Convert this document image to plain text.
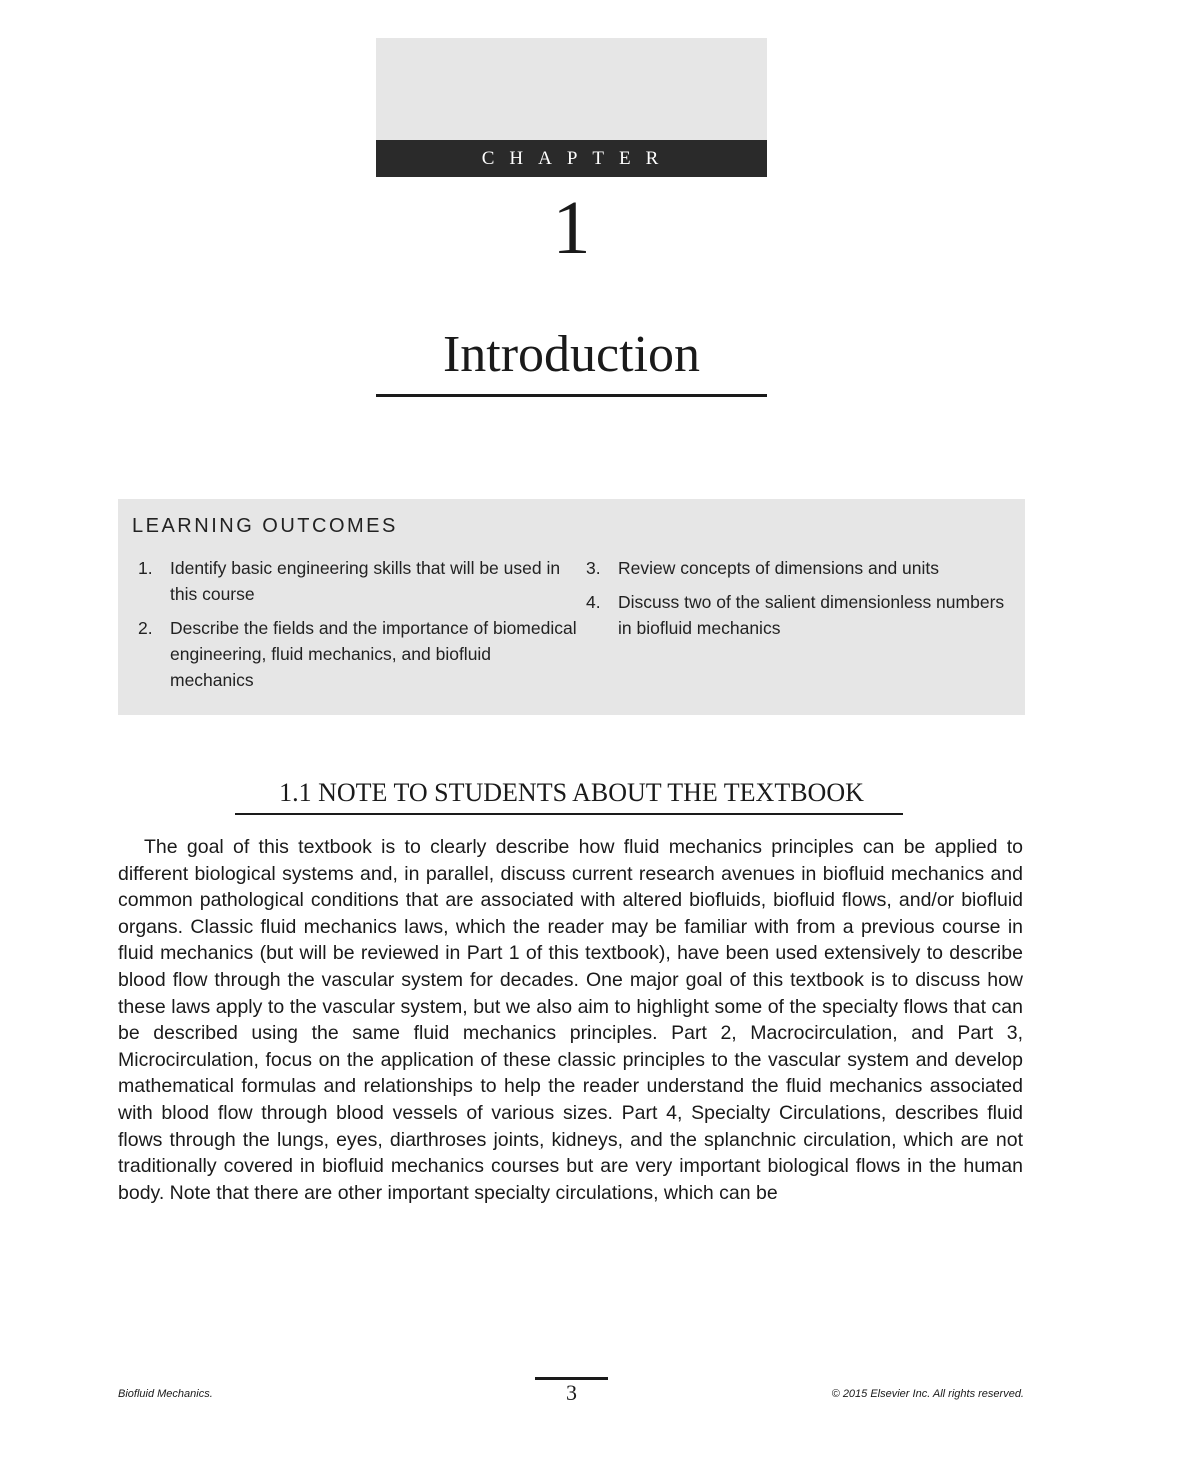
CHAPTER
1
Introduction
LEARNING OUTCOMES
1. Identify basic engineering skills that will be used in this course
2. Describe the fields and the importance of biomedical engineering, fluid mechanics, and biofluid mechanics
3. Review concepts of dimensions and units
4. Discuss two of the salient dimensionless numbers in biofluid mechanics
1.1 NOTE TO STUDENTS ABOUT THE TEXTBOOK

The goal of this textbook is to clearly describe how fluid mechanics principles can be applied to different biological systems and, in parallel, discuss current research avenues in biofluid mechanics and common pathological conditions that are associated with altered biofluids, biofluid flows, and/or biofluid organs. Classic fluid mechanics laws, which the reader may be familiar with from a previous course in fluid mechanics (but will be reviewed in Part 1 of this textbook), have been used extensively to describe blood flow through the vascular system for decades. One major goal of this textbook is to discuss how these laws apply to the vascular system, but we also aim to highlight some of the specialty flows that can be described using the same fluid mechanics principles. Part 2, Macrocirculation, and Part 3, Microcirculation, focus on the application of these classic principles to the vascular system and develop mathematical formulas and relationships to help the reader understand the fluid mechanics associated with blood flow through blood vessels of various sizes. Part 4, Specialty Circulations, describes fluid flows through the lungs, eyes, diarthroses joints, kidneys, and the splanchnic circulation, which are not traditionally covered in biofluid mechanics courses but are very important biological flows in the human body. Note that there are other important specialty circulations, which can be

Biofluid Mechanics.	3	© 2015 Elsevier Inc. All rights reserved.
